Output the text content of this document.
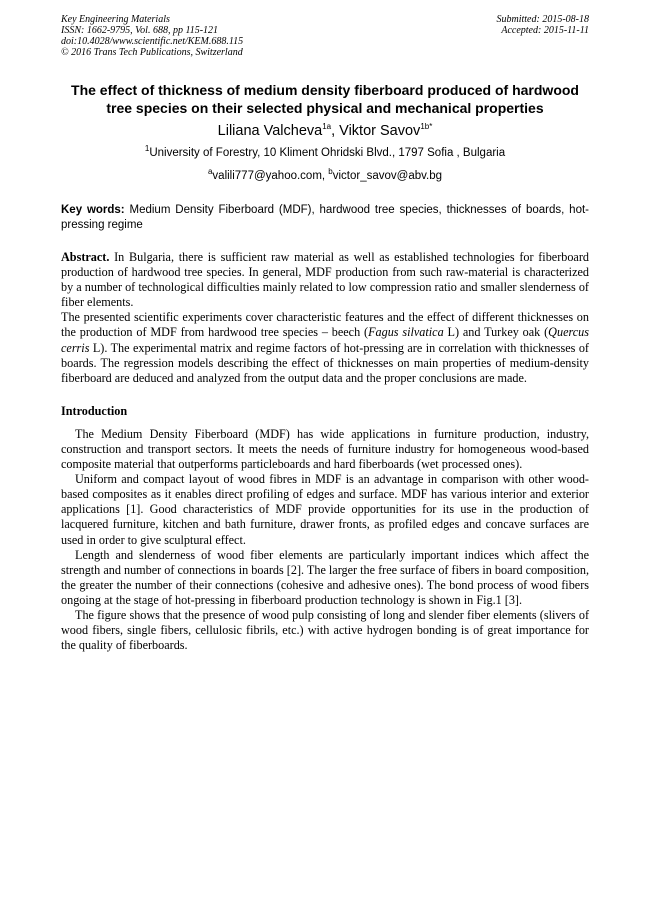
Key Engineering Materials
ISSN: 1662-9795, Vol. 688, pp 115-121
doi:10.4028/www.scientific.net/KEM.688.115
© 2016 Trans Tech Publications, Switzerland
Submitted: 2015-08-18
Accepted: 2015-11-11
The effect of thickness of medium density fiberboard produced of hardwood tree species on their selected physical and mechanical properties
Liliana Valcheva$^{1a}$, Viktor Savov$^{1b*}$
$^1$University of Forestry, 10 Kliment Ohridski Blvd., 1797 Sofia , Bulgaria
$^a$valili777@yahoo.com, $^b$victor_savov@abv.bg
Key words: Medium Density Fiberboard (MDF), hardwood tree species, thicknesses of boards, hot-pressing regime

Abstract. In Bulgaria, there is sufficient raw material as well as established technologies for fiberboard production of hardwood tree species. In general, MDF production from such raw-material is characterized by a number of technological difficulties mainly related to low compression ratio and smaller slenderness of fiber elements.

The presented scientific experiments cover characteristic features and the effect of different thicknesses on the production of MDF from hardwood tree species – beech (Fagus silvatica L) and Turkey oak (Quercus cerris L). The experimental matrix and regime factors of hot-pressing are in correlation with thicknesses of boards. The regression models describing the effect of thicknesses on main properties of medium-density fiberboard are deduced and analyzed from the output data and the proper conclusions are made.

Introduction

The Medium Density Fiberboard (MDF) has wide applications in furniture production, industry, construction and transport sectors. It meets the needs of furniture industry for homogeneous wood-based composite material that outperforms particleboards and hard fiberboards (wet processed ones).

Uniform and compact layout of wood fibres in MDF is an advantage in comparison with other wood-based composites as it enables direct profiling of edges and surface. MDF has various interior and exterior applications [1]. Good characteristics of MDF provide opportunities for its use in the production of lacquered furniture, kitchen and bath furniture, drawer fronts, as profiled edges and concave surfaces are used in order to give sculptural effect.

Length and slenderness of wood fiber elements are particularly important indices which affect the strength and number of connections in boards [2]. The larger the free surface of fibers in board composition, the greater the number of their connections (cohesive and adhesive ones). The bond process of wood fibers ongoing at the stage of hot-pressing in fiberboard production technology is shown in Fig.1 [3].

The figure shows that the presence of wood pulp consisting of long and slender fiber elements (slivers of wood fibers, single fibers, cellulosic fibrils, etc.) with active hydrogen bonding is of great importance for the quality of fiberboards.
